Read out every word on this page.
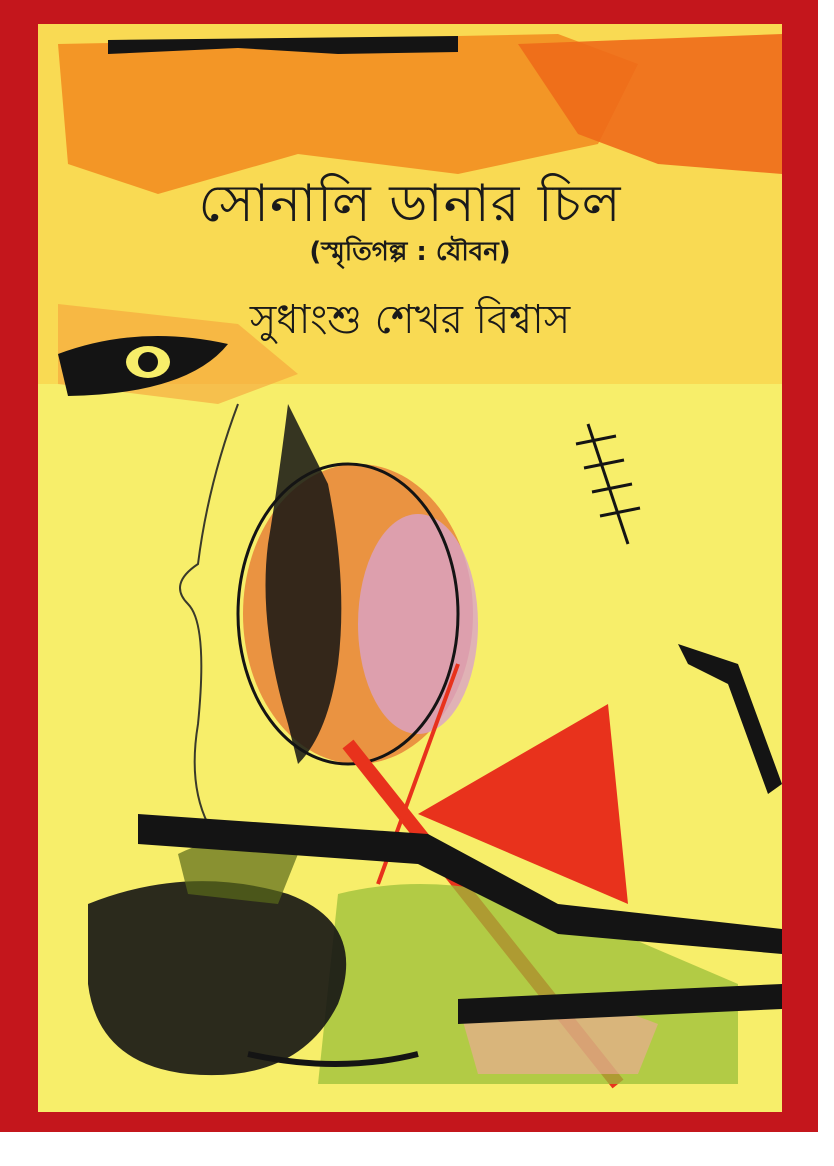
সোনালি ডানার চিল
(স্মৃতিগল্প : যৌবন)
সুধাংশু শেখর বিশ্বাস
